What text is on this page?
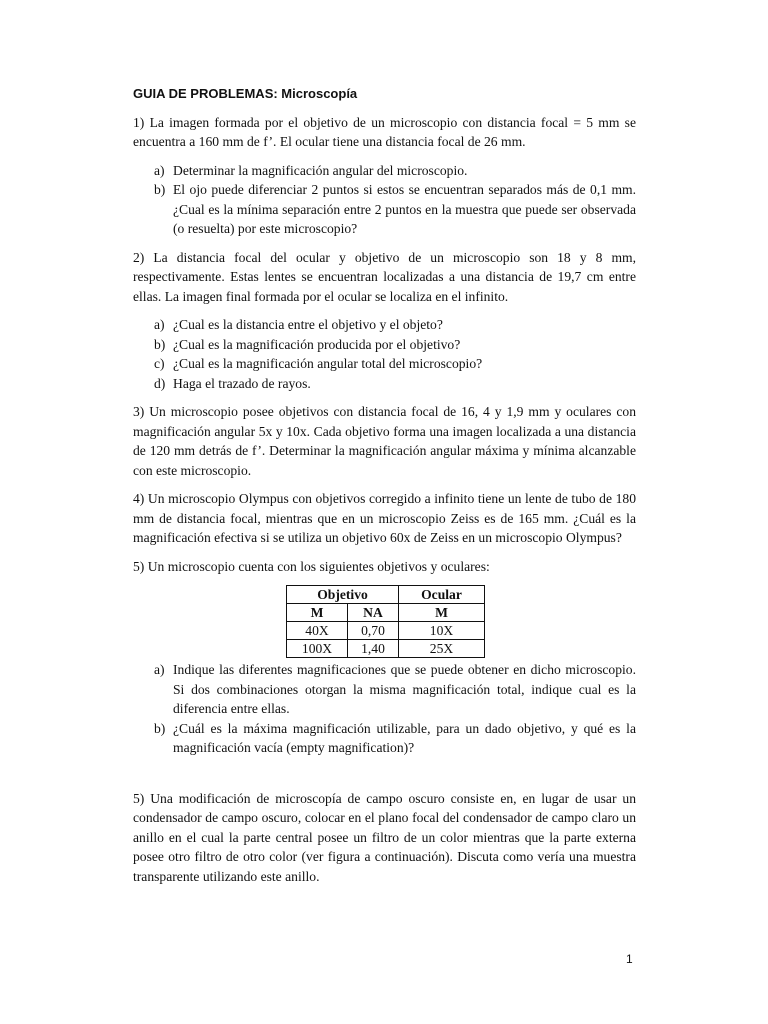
GUIA DE PROBLEMAS: Microscopía
1) La imagen formada por el objetivo de un microscopio con distancia focal = 5 mm se encuentra a 160 mm de f’. El ocular tiene una distancia focal de 26 mm.
a) Determinar la magnificación angular del microscopio.
b) El ojo puede diferenciar 2 puntos si estos se encuentran separados más de 0,1 mm. ¿Cual es la mínima separación entre 2 puntos en la muestra que puede ser observada (o resuelta) por este microscopio?
2) La distancia focal del ocular y objetivo de un microscopio son 18 y 8 mm, respectivamente. Estas lentes se encuentran localizadas a una distancia de 19,7 cm entre ellas. La imagen final formada por el ocular se localiza en el infinito.
a) ¿Cual es la distancia entre el objetivo y el objeto?
b) ¿Cual es la magnificación producida por el objetivo?
c) ¿Cual es la magnificación angular total del microscopio?
d) Haga el trazado de rayos.
3) Un microscopio posee objetivos con distancia focal de 16, 4 y 1,9 mm y oculares con magnificación angular 5x y 10x. Cada objetivo forma una imagen localizada a una distancia de 120 mm detrás de f’. Determinar la magnificación angular máxima y mínima alcanzable con este microscopio.
4) Un microscopio Olympus con objetivos corregido a infinito tiene un lente de tubo de 180 mm de distancia focal, mientras que en un microscopio Zeiss es de 165 mm. ¿Cuál es la magnificación efectiva si se utiliza un objetivo 60x de Zeiss en un microscopio Olympus?
5) Un microscopio cuenta con los siguientes objetivos y oculares:
Objetivo		Ocular
M	NA	M
40X	0,70	10X
100X	1,40	25X
a) Indique las diferentes magnificaciones que se puede obtener en dicho microscopio. Si dos combinaciones otorgan la misma magnificación total, indique cual es la diferencia entre ellas.
b) ¿Cuál es la máxima magnificación utilizable, para un dado objetivo, y qué es la magnificación vacía (empty magnification)?
5) Una modificación de microscopía de campo oscuro consiste en, en lugar de usar un condensador de campo oscuro, colocar en el plano focal del condensador de campo claro un anillo en el cual la parte central posee un filtro de un color mientras que la parte externa posee otro filtro de otro color (ver figura a continuación). Discuta como vería una muestra transparente utilizando este anillo.
1
